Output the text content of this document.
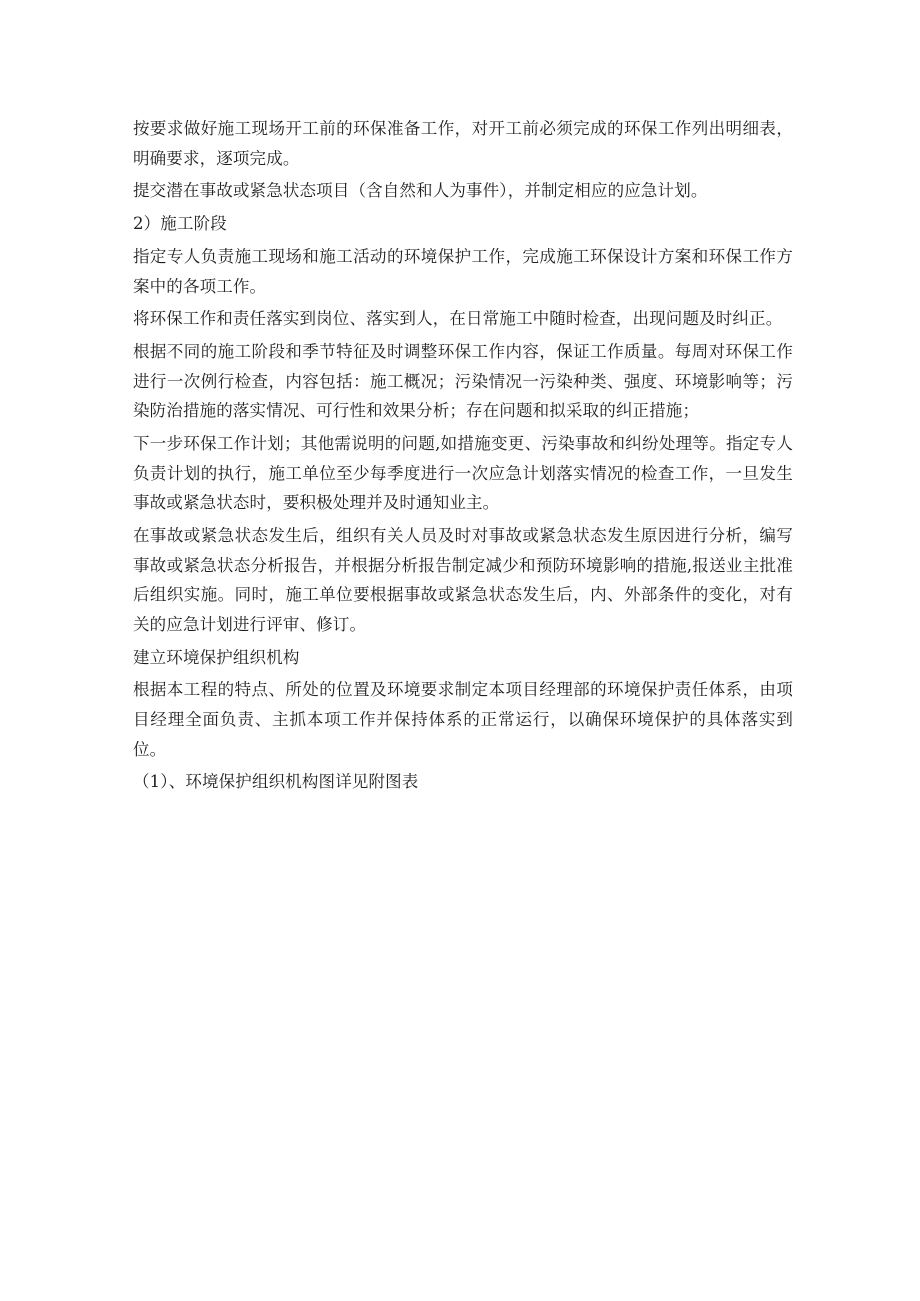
按要求做好施工现场开工前的环保准备工作，对开工前必须完成的环保工作列出明细表，明确要求，逐项完成。

提交潜在事故或紧急状态项目（含自然和人为事件），并制定相应的应急计划。

2）施工阶段

指定专人负责施工现场和施工活动的环境保护工作，完成施工环保设计方案和环保工作方案中的各项工作。

将环保工作和责任落实到岗位、落实到人，在日常施工中随时检查，出现问题及时纠正。

根据不同的施工阶段和季节特征及时调整环保工作内容，保证工作质量。每周对环保工作进行一次例行检查，内容包括：施工概况；污染情况一污染种类、强度、环境影响等；污染防治措施的落实情况、可行性和效果分析；存在问题和拟采取的纠正措施；

下一步环保工作计划；其他需说明的问题,如措施变更、污染事故和纠纷处理等。指定专人负责计划的执行，施工单位至少每季度进行一次应急计划落实情况的检查工作，一旦发生事故或紧急状态时，要积极处理并及时通知业主。

在事故或紧急状态发生后，组织有关人员及时对事故或紧急状态发生原因进行分析，编写事故或紧急状态分析报告，并根据分析报告制定减少和预防环境影响的措施,报送业主批准后组织实施。同时，施工单位要根据事故或紧急状态发生后，内、外部条件的变化，对有关的应急计划进行评审、修订。

建立环境保护组织机构

根据本工程的特点、所处的位置及环境要求制定本项目经理部的环境保护责任体系，由项目经理全面负责、主抓本项工作并保持体系的正常运行，以确保环境保护的具体落实到位。

（1）、环境保护组织机构图详见附图表
